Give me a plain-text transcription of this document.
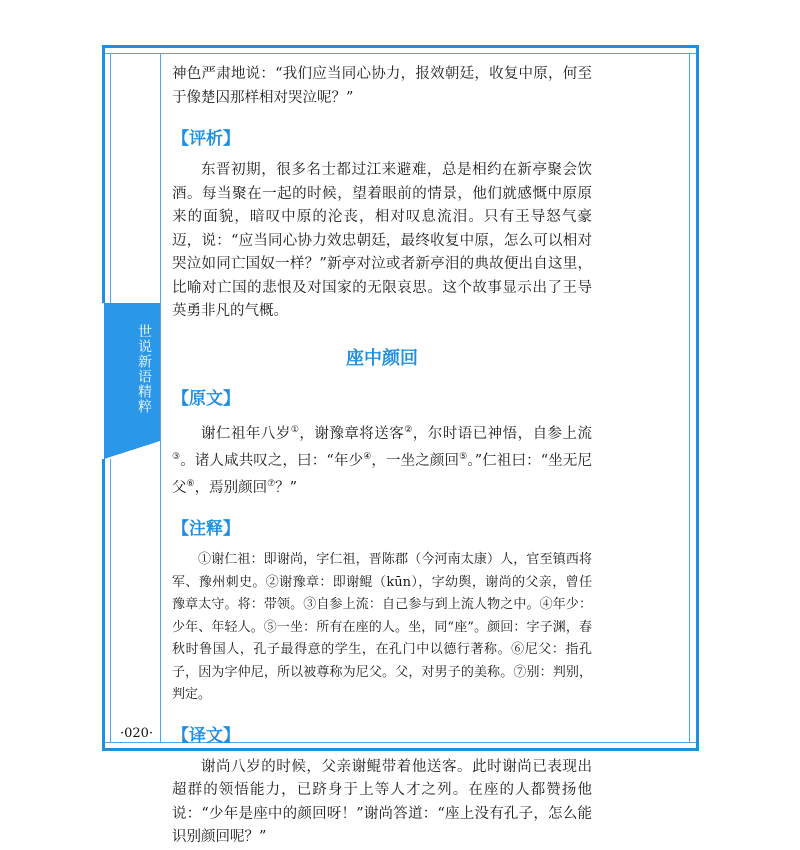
世说新语精粹

神色严肃地说：“我们应当同心协力，报效朝廷，收复中原，何至于像楚囚那样相对哭泣呢？”

【评析】

东晋初期，很多名士都过江来避难，总是相约在新亭聚会饮酒。每当聚在一起的时候，望着眼前的情景，他们就感慨中原原来的面貌，暗叹中原的沦丧，相对叹息流泪。只有王导怒气豪迈，说：“应当同心协力效忠朝廷，最终收复中原，怎么可以相对哭泣如同亡国奴一样？”新亭对泣或者新亭泪的典故便出自这里，比喻对亡国的悲恨及对国家的无限哀思。这个故事显示出了王导英勇非凡的气概。

座中颜回
【原文】

谢仁祖年八岁①，谢豫章将送客②，尔时语已神悟，自参上流③。诸人咸共叹之，曰：“年少④，一坐之颜回⑤。”仁祖曰：“坐无尼父⑥，焉别颜回⑦？”

【注释】

①谢仁祖：即谢尚，字仁祖，晋陈郡（今河南太康）人，官至镇西将军、豫州刺史。②谢豫章：即谢鲲（kūn），字幼舆，谢尚的父亲，曾任豫章太守。将：带领。③自参上流：自己参与到上流人物之中。④年少：少年、年轻人。⑤一坐：所有在座的人。坐，同“座”。颜回：字子渊，春秋时鲁国人，孔子最得意的学生，在孔门中以德行著称。⑥尼父：指孔子，因为字仲尼，所以被尊称为尼父。父，对男子的美称。⑦别：判别，判定。

【译文】

谢尚八岁的时候，父亲谢鲲带着他送客。此时谢尚已表现出超群的领悟能力，已跻身于上等人才之列。在座的人都赞扬他说：“少年是座中的颜回呀！”谢尚答道：“座上没有孔子，怎么能识别颜回呢？”

·020·
